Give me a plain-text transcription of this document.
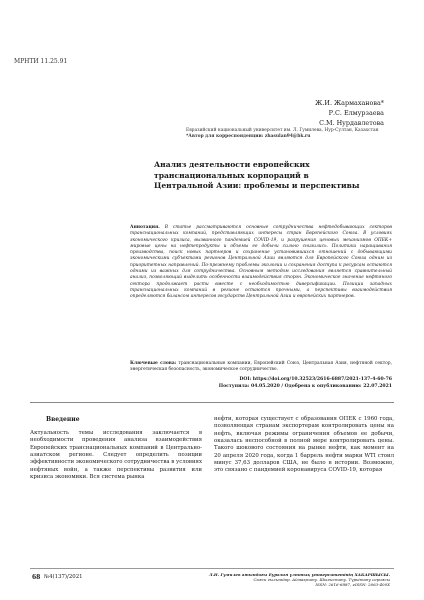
МРНТИ 11.25.91
Ж.И. Жармаханова*
Р.С. Елмурзаева
С.М. Нурдавлетова
Евразийский национальный университет им. Л. Гумилева, Нур-Султан, Казахстан
*Автор для корреспонденции: zhasulan94@bk.ru
Анализ деятельности европейских транснациональных корпораций в Центральной Азии: проблемы и перспективы
Аннотация. В статье рассматриваются основные сотрудничества нефтедобывающих секторов транснациональных компаний, представляющих интересы стран Европейского Союза. В условиях экономического кризиса, вызванного пандемией COVID-19, и разрушения ценовых механизмов ОПЕК+ мировые цены на нефтепродукты и объемы ее добычи сильно снизились. Политика наращивания производства, поиск новых партнеров и сохранение установившихся отношений с добывающими экономическими субъектами регионов Центральной Азии являются для Европейского Союза одним из приоритетных направлений. По-прежнему проблемы экологии и сохранения доступа к ресурсам остаются одними из важных для сотрудничества. Основным методом исследования является сравнительный анализ, позволяющий выделить особенности взаимодействия сторон. Экономическое значение нефтяного сектора продолжает расти вместе с необходимостью диверсификации. Позиции западных транснациональных компаний в регионе остаются прочными, а перспективы взаимодействия определяются балансом интересов государств Центральной Азии и европейских партнеров.
Ключевые слова: транснациональные компании, Европейский Союз, Центральная Азия, нефтяной сектор, энергетическая безопасность, экономическое сотрудничество.
DOI: https://doi.org/10.32523/2616-6887/2021-137-4-60-76
Поступила: 04.05.2020 / Одобрена к опубликованию: 22.07.2021
Введение
Актуальность темы исследования заключается в необходимости проведения анализа взаимодействия Европейских транснациональных компаний в Центрально-азиатском регионе. Следует определить позиции эффективности экономического сотрудничества в условиях нефтяных войн, а также перспективы развития или кризиса экономики. Вся система рынка
нефти, которая существует с образования ОПЕК с 1960 года, позволяющая странам экспортерам контролировать цены на нефть, включая режимы ограничения объемов ее добычи, оказалась неспособной в полной мере контролировать цены. Такого шокового состояния на рынке нефти, как момент на 20 апреля 2020 года, когда 1 баррель нефти марки WTI стоил минус 37,63 долларов США, не было в истории. Возможно, это связано с пандемией коронавируса COVID-19, которая
68 №4(137)/2021	Л.Н. Гумилев атындағы Еуразия ұлттық университетінің ХАБАРШЫСЫ.
Саяси ғылымдар. Аймақтану. Шығыстану. Түркітану сериясы
ISSN: 2616-6887, eISSN: 2663-400X
